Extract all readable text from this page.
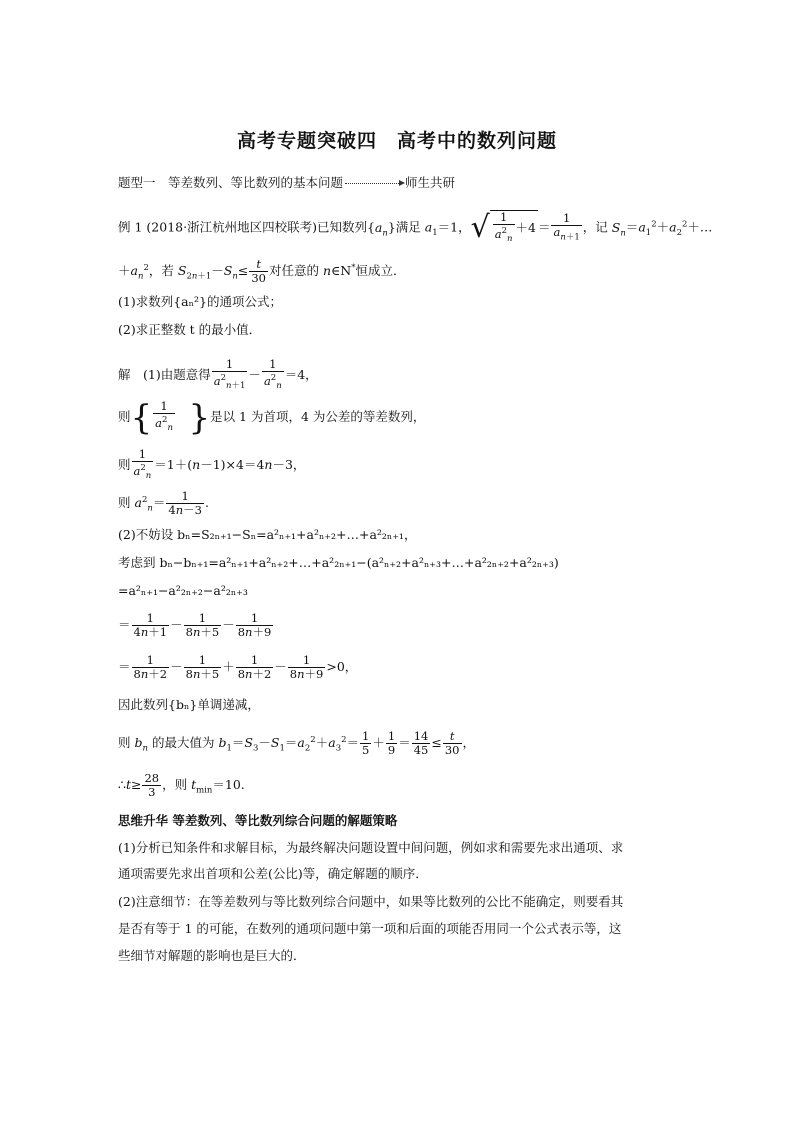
高考专题突破四　高考中的数列问题
题型一　等差数列、等比数列的基本问题	师生共研
例 1 (2018·浙江杭州地区四校联考)已知数列$\{a_n\}$满足 $a_1=1$，√ $\frac{1}{a^2_n} +4 = \frac{1}{a_{n+1}}$ ，记 $S_n=a_1^2+a_2^2+\dots$
$+a_n^2$，若 $S_{2n+1}-S_n\le \frac{t}{30}$ 对任意的 n∈N*恒成立．
(1)求数列{aₙ²}的通项公式；
(2)求正整数 t 的最小值．
解　(1)由题意得 $\frac{1}{a^2_{n+1}} - \frac{1}{a^2_n} =4$，
则{ $\frac{1}{a^2_n}$
　 }是以 1 为首项，4 为公差的等差数列，
则 $\frac{1}{a^2_n} =1+(n-1)\times 4=4n-3$，
则 $a^2_n= \frac{1}{4n-3}$ .
(2)不妨设 bₙ=S₂ₙ₊₁−Sₙ=a²ₙ₊₁+a²ₙ₊₂+…+a²₂ₙ₊₁，
考虑到 bₙ−bₙ₊₁=a²ₙ₊₁+a²ₙ₊₂+…+a²₂ₙ₊₁−(a²ₙ₊₂+a²ₙ₊₃+…+a²₂ₙ₊₂+a²₂ₙ₊₃)
=a²ₙ₊₁−a²₂ₙ₊₂−a²₂ₙ₊₃
＝ $\frac{1}{4n+1} - \frac{1}{8n+5} - \frac{1}{8n+9}$
＝ $\frac{1}{8n+2} - \frac{1}{8n+5} + \frac{1}{8n+2} - \frac{1}{8n+9} >0$，
因此数列{bₙ}单调递减，
则 $b_n$ 的最大值为 $b_1=S_3-S_1=a_2^2+a_3^2= \frac{1}{5} + \frac{1}{9} = \frac{14}{45} \le \frac{t}{30}$ ，
∴t≥ $\frac{28}{3}$ ，则 $t_{min}=10$.
思维升华 等差数列、等比数列综合问题的解题策略
(1)分析已知条件和求解目标，为最终解决问题设置中间问题，例如求和需要先求出通项、求
通项需要先求出首项和公差(公比)等，确定解题的顺序．
(2)注意细节：在等差数列与等比数列综合问题中，如果等比数列的公比不能确定，则要看其
是否有等于 1 的可能，在数列的通项问题中第一项和后面的项能否用同一个公式表示等，这
些细节对解题的影响也是巨大的．
